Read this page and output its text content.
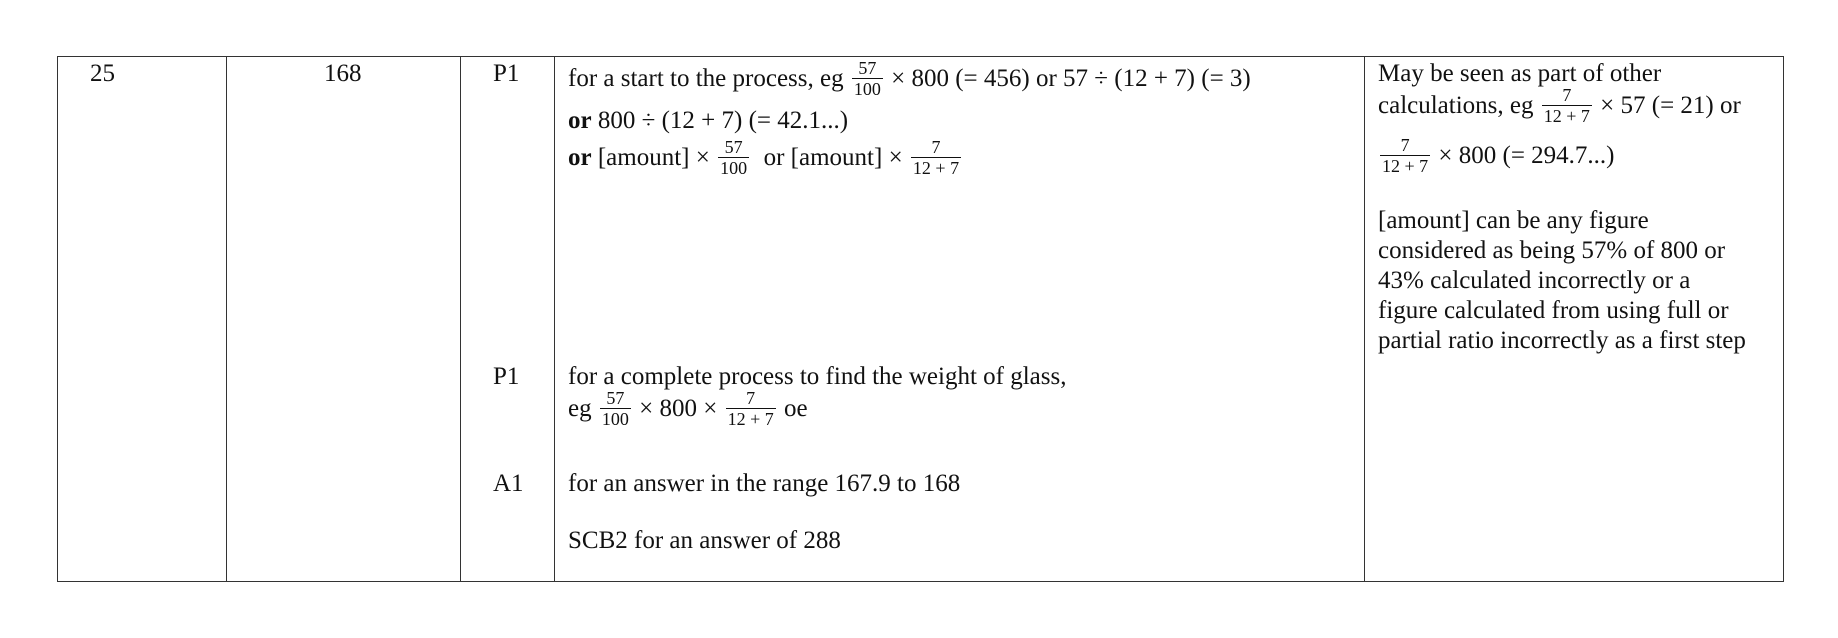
25	168	P1
P1
A1
for a start to the process, eg $\frac{57}{100} \times 800$ (= 456) or 57 ÷ (12 + 7) (= 3)
or 800 ÷ (12 + 7) (= 42.1...)
or [amount] × $\frac{57}{100}$ or [amount] × $\frac{7}{12 + 7}$
for a complete process to find the weight of glass,
eg $\frac{57}{100} \times 800 \times \frac{7}{12 + 7}$ oe
for an answer in the range 167.9 to 168
SCB2 for an answer of 288
May be seen as part of other
calculations, eg $\frac{7}{12 + 7} \times 57$ (= 21) or
$\frac{7}{12 + 7} \times 800$ (= 294.7...)
[amount] can be any figure
considered as being 57% of 800 or
43% calculated incorrectly or a
figure calculated from using full or
partial ratio incorrectly as a first step
